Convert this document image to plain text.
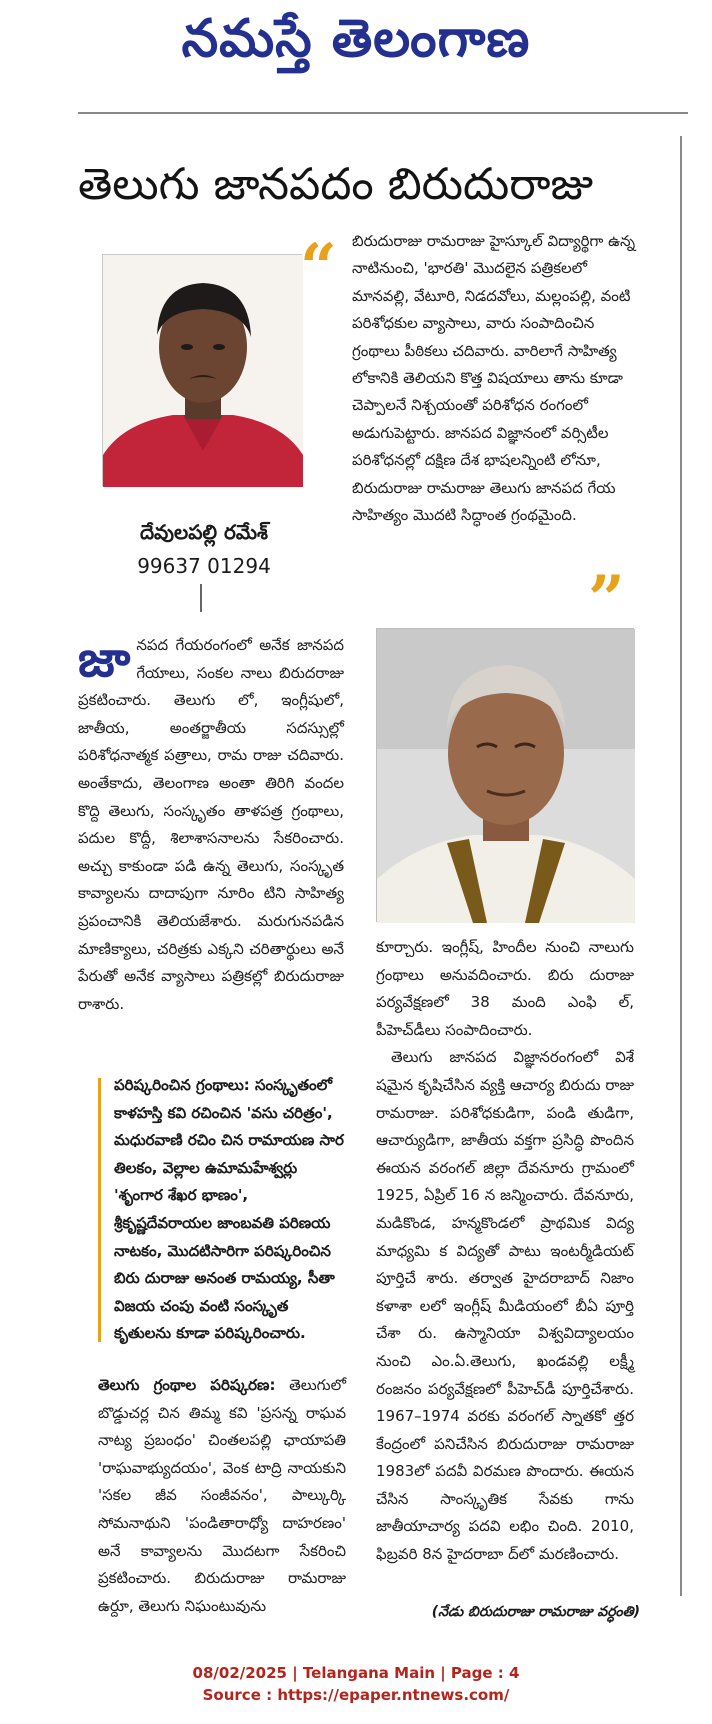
నమస్తే తెలంగాణ
తెలుగు జానపదం బిరుదురాజు
దేవులపల్లి రమేశ్
99637 01294
“	బిరుదురాజు రామరాజు హైస్కూల్ విద్యార్థిగా ఉన్న నాటినుంచి, 'భారతి' మొదలైన పత్రికలలో మానవల్లి, వేటూరి, నిడదవోలు, మల్లంపల్లి, వంటి పరిశోధకుల వ్యాసాలు, వారు సంపాదించిన గ్రంథాలు పీఠికలు చదివారు. వారిలాగే సాహిత్య లోకానికి తెలియని కొత్త విషయాలు తాను కూడా చెప్పాలనే నిశ్చయంతో పరిశోధన రంగంలో అడుగుపెట్టారు. జానపద విజ్ఞానంలో వర్సిటీల పరిశోధనల్లో దక్షిణ దేశ భాషలన్నింటి లోనూ, బిరుదురాజు రామరాజు తెలుగు జానపద గేయ సాహిత్యం మొదటి సిద్ధాంత గ్రంథమైంది.

”
జా నపద గేయరంగంలో అనేక జానపద గేయాలు, సంకల నాలు బిరుదరాజు ప్రకటించారు. తెలుగు లో, ఇంగ్లీషులో, జాతీయ, అంతర్జాతీయ సదస్సుల్లో పరిశోధనాత్మక పత్రాలు, రామ రాజు చదివారు. అంతేకాదు, తెలంగాణ అంతా తిరిగి వందల కొద్ది తెలుగు, సంస్కృతం తాళపత్ర గ్రంథాలు, పదుల కొద్దీ, శిలాశాసనాలను సేకరించారు. అచ్చు కాకుండా పడి ఉన్న తెలుగు, సంస్కృత కావ్యాలను దాదాపుగా నూరిం టిని సాహిత్య ప్రపంచానికి తెలియజేశారు. మరుగునపడిన మాణిక్యాలు, చరిత్రకు ఎక్కని చరితార్థులు అనే పేరుతో అనేక వ్యాసాలు పత్రికల్లో బిరుదురాజు రాశారు.

పరిష్కరించిన గ్రంథాలు: సంస్కృతంలో కాళహస్తి కవి రచించిన 'వసు చరిత్రం', మధురవాణి రచిం చిన రామాయణ సార తిలకం, వెల్లాల ఉమామహేశ్వర్లు 'శృంగార శేఖర భాణం', శ్రీకృష్ణదేవరాయల జాంబవతి పరిణయ నాటకం, మొదటిసారిగా పరిష్కరించిన బిరు దురాజు అనంత రామయ్య, సీతా విజయ చంపు వంటి సంస్కృత కృతులను కూడా పరిష్కరించారు.

తెలుగు గ్రంథాల పరిష్కరణ: తెలుగులో బొడ్డుచర్ల చిన తిమ్మ కవి 'ప్రసన్న రాఘవ నాట్య ప్రబంధం' చింతలపల్లి ఛాయాపతి 'రాఘవాభ్యుదయం', వెంక టాద్రి నాయకుని 'సకల జీవ సంజీవనం', పాల్కుర్కి సోమనాథుని 'పండితారాధ్యో దాహరణం' అనే కావ్యాలను మొదటగా సేకరించి ప్రకటించారు. బిరుదురాజు రామరాజు ఉర్దూ, తెలుగు నిఘంటువును

కూర్చారు. ఇంగ్లీష్, హిందీల నుంచి నాలుగు గ్రంథాలు అనువదించారు. బిరు దురాజు పర్యవేక్షణలో 38 మంది ఎంఫి ల్, పీహెచ్‌డీలు సంపాదించారు.

తెలుగు జానపద విజ్ఞానరంగంలో విశే షమైన కృషిచేసిన వ్యక్తి ఆచార్య బిరుదు రాజు రామరాజు. పరిశోధకుడిగా, పండి తుడిగా, ఆచార్యుడిగా, జాతీయ వక్తగా ప్రసిద్ధి పొందిన ఈయన వరంగల్ జిల్లా దేవనూరు గ్రామంలో 1925, ఏప్రిల్ 16 న జన్మించారు. దేవనూరు, మడికొండ, హన్మకొండలో ప్రాథమిక విద్య మాధ్యమి క విద్యతో పాటు ఇంటర్మీడియట్ పూర్తిచే శారు. తర్వాత హైదరాబాద్ నిజాం కళాశా లలో ఇంగ్లీష్ మీడియంలో బీఏ పూర్తి చేశా రు. ఉస్మానియా విశ్వవిద్యాలయం నుంచి ఎం.ఏ.తెలుగు, ఖండవల్లి లక్ష్మీ రంజనం పర్యవేక్షణలో పీహెచ్‌డీ పూర్తిచేశారు. 1967–1974 వరకు వరంగల్ స్నాతకో త్తర కేంద్రంలో పనిచేసిన బిరుదురాజు రామరాజు 1983లో పదవీ విరమణ పొందారు. ఈయన చేసిన సాంస్కృతిక సేవకు గాను జాతీయాచార్య పదవి లభిం చింది. 2010, ఫిబ్రవరి 8న హైదరాబా ద్‌లో మరణించారు.

(నేడు బిరుదురాజు రామరాజు వర్ధంతి)
08/02/2025 | Telangana Main | Page : 4
Source : https://epaper.ntnews.com/
